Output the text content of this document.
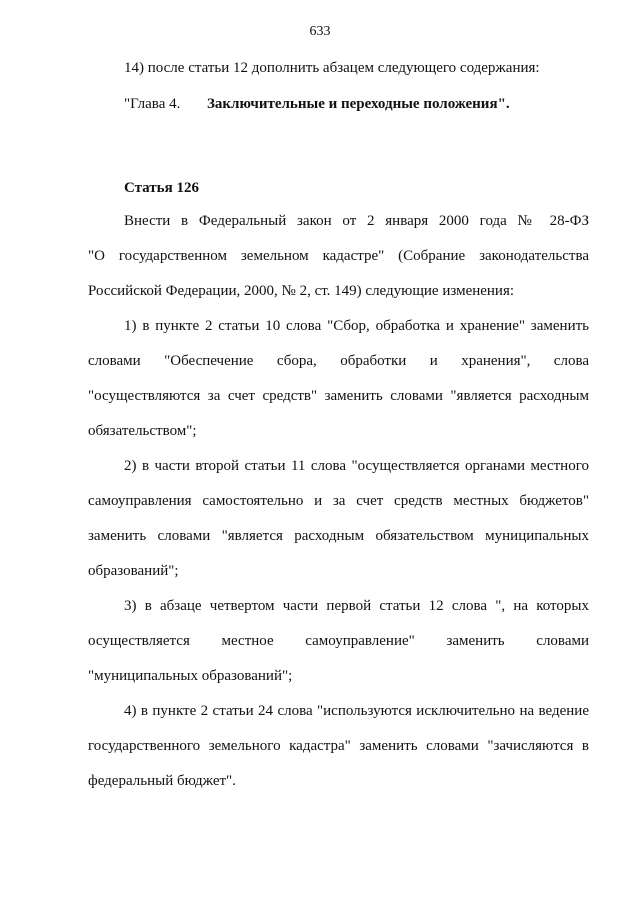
633
14) после статьи 12 дополнить абзацем следующего содержания:
"Глава 4. Заключительные и переходные положения".
Статья 126
Внести в Федеральный закон от 2 января 2000 года № 28-ФЗ
"О государственном земельном кадастре" (Собрание законодательства
Российской Федерации, 2000, № 2, ст. 149) следующие изменения:
1) в пункте 2 статьи 10 слова "Сбор, обработка и хранение" заменить
словами "Обеспечение сбора, обработки и хранения", слова
"осуществляются за счет средств" заменить словами "является расходным
обязательством";
2) в части второй статьи 11 слова "осуществляется органами местного
самоуправления самостоятельно и за счет средств местных бюджетов"
заменить словами "является расходным обязательством муниципальных
образований";
3) в абзаце четвертом части первой статьи 12 слова ", на которых
осуществляется местное самоуправление" заменить словами
"муниципальных образований";
4) в пункте 2 статьи 24 слова "используются исключительно на ведение
государственного земельного кадастра" заменить словами "зачисляются в
федеральный бюджет".
